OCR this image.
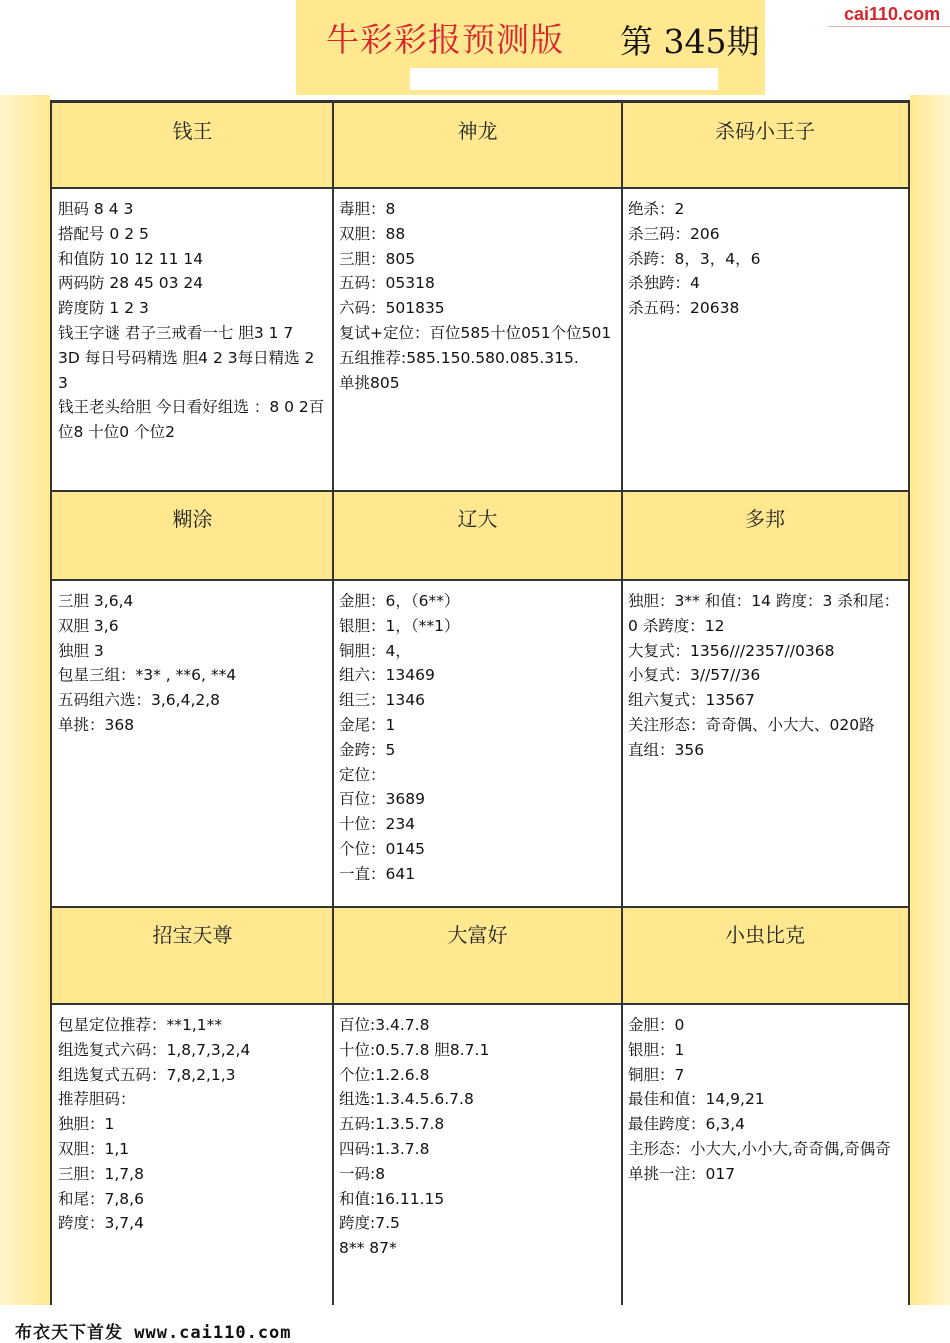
牛彩彩报预测版 第 345期
cai110.com
钱王
胆码 8 4 3
搭配号 0 2 5
和值防 10 12 11 14
两码防 28 45 03 24
跨度防 1 2 3
钱王字谜 君子三戒看一七 胆3 1 7
3D 每日号码精选 胆4 2 3每日精选 2 3
钱王老头给胆 今日看好组选 ：8 0 2百位8 十位0 个位2
神龙
毒胆：8
双胆：88
三胆：805
五码：05318
六码：501835
复试+定位：百位585十位051个位501
五组推荐:585.150.580.085.315.
单挑805
杀码小王子
绝杀：2
杀三码：206
杀跨：8，3，4，6
杀独跨：4
杀五码：20638
糊涂
三胆 3,6,4
双胆 3,6
独胆 3
包星三组：*3* , **6, **4
五码组六选：3,6,4,2,8
单挑：368
辽大
金胆：6，（6**）
银胆：1，（**1）
铜胆：4，
组六：13469
组三：1346
金尾：1
金跨：5
定位：
百位：3689
十位：234
个位：0145
一直：641
多邦
独胆：3** 和值：14 跨度：3 杀和尾：0 杀跨度：12
大复式：1356///2357//0368
小复式：3//57//36
组六复式：13567
关注形态：奇奇偶、小大大、020路
直组：356
招宝天尊
包星定位推荐：**1,1**
组选复式六码：1,8,7,3,2,4
组选复式五码：7,8,2,1,3
推荐胆码：
独胆：1
双胆：1,1
三胆：1,7,8
和尾：7,8,6
跨度：3,7,4
大富好
百位:3.4.7.8
十位:0.5.7.8 胆8.7.1
个位:1.2.6.8
组选:1.3.4.5.6.7.8
五码:1.3.5.7.8
四码:1.3.7.8
一码:8
和值:16.11.15
跨度:7.5
8** 87*
小虫比克
金胆：0
银胆：1
铜胆：7
最佳和值：14,9,21
最佳跨度：6,3,4
主形态：小大大,小小大,奇奇偶,奇偶奇
单挑一注：017
布衣天下首发 www.cai110.com
